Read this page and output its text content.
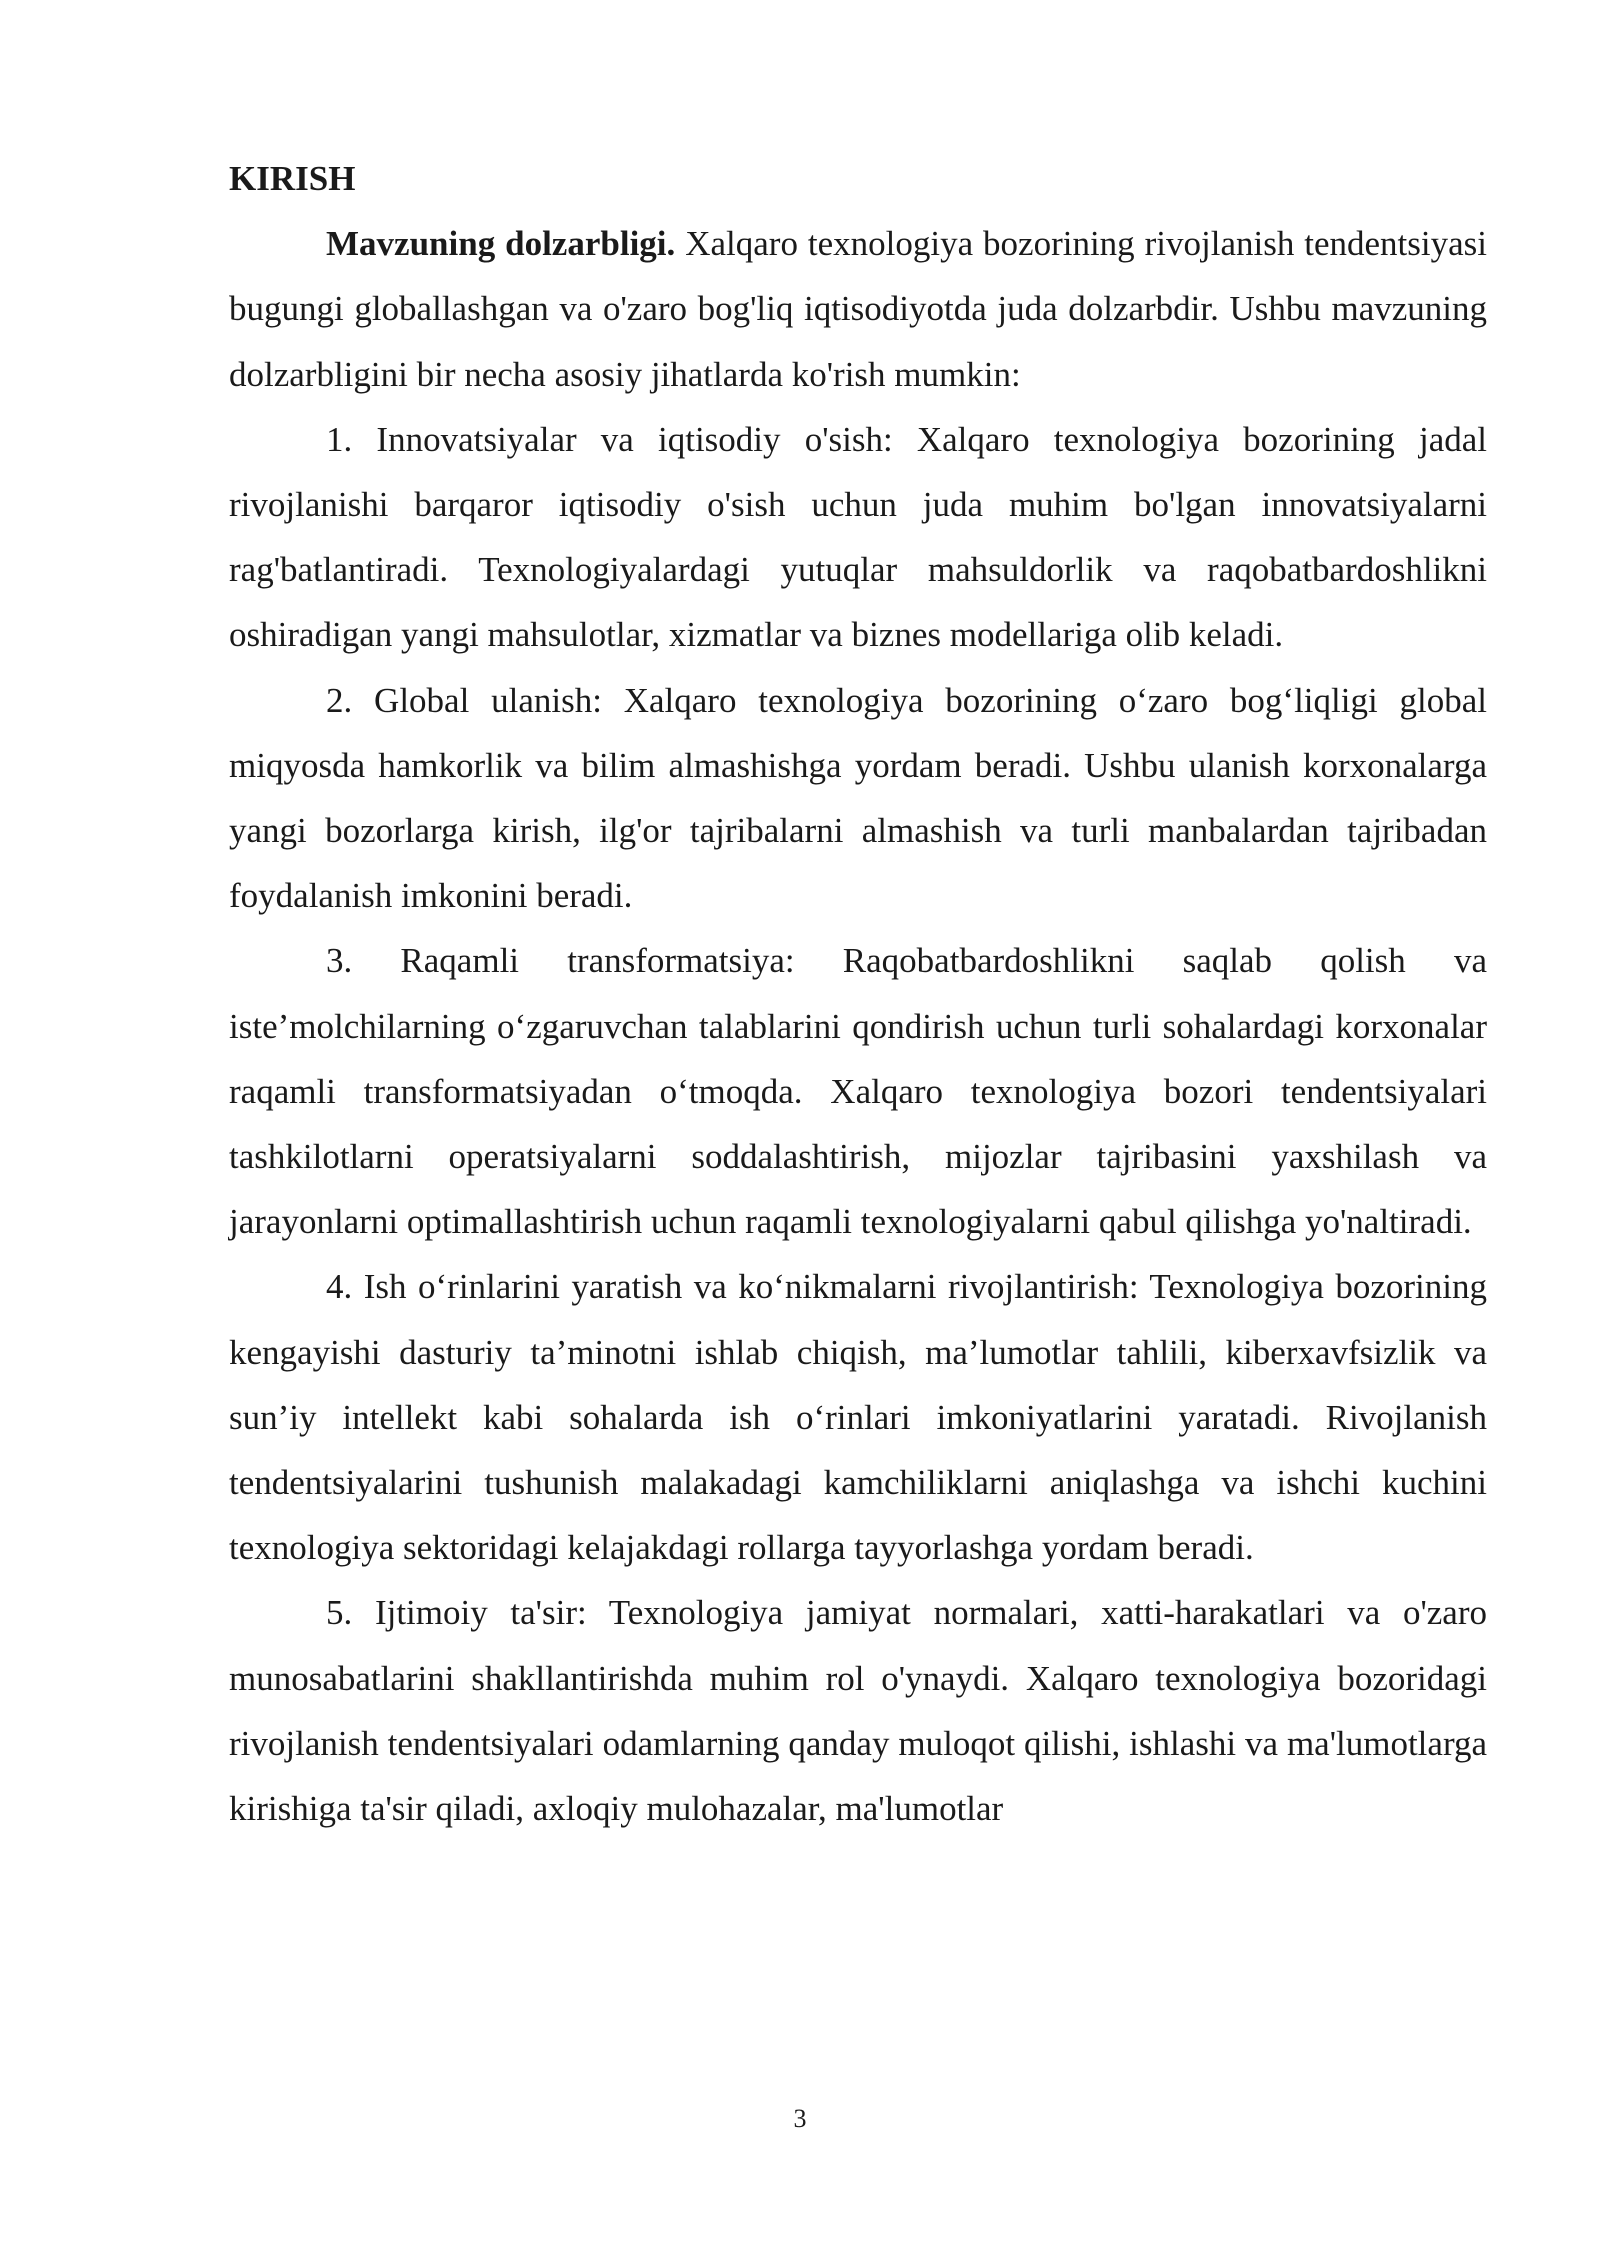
KIRISH

Mavzuning dolzarbligi. Xalqaro texnologiya bozorining rivojlanish tendentsiyasi bugungi globallashgan va o'zaro bog'liq iqtisodiyotda juda dolzarbdir. Ushbu mavzuning dolzarbligini bir necha asosiy jihatlarda ko'rish mumkin:

1. Innovatsiyalar va iqtisodiy o'sish: Xalqaro texnologiya bozorining jadal rivojlanishi barqaror iqtisodiy o'sish uchun juda muhim bo'lgan innovatsiyalarni rag'batlantiradi. Texnologiyalardagi yutuqlar mahsuldorlik va raqobatbardoshlikni oshiradigan yangi mahsulotlar, xizmatlar va biznes modellariga olib keladi.

2. Global ulanish: Xalqaro texnologiya bozorining o‘zaro bog‘liqligi global miqyosda hamkorlik va bilim almashishga yordam beradi. Ushbu ulanish korxonalarga yangi bozorlarga kirish, ilg'or tajribalarni almashish va turli manbalardan tajribadan foydalanish imkonini beradi.

3. Raqamli transformatsiya: Raqobatbardoshlikni saqlab qolish va iste’molchilarning o‘zgaruvchan talablarini qondirish uchun turli sohalardagi korxonalar raqamli transformatsiyadan o‘tmoqda. Xalqaro texnologiya bozori tendentsiyalari tashkilotlarni operatsiyalarni soddalashtirish, mijozlar tajribasini yaxshilash va jarayonlarni optimallashtirish uchun raqamli texnologiyalarni qabul qilishga yo'naltiradi.

4. Ish o‘rinlarini yaratish va ko‘nikmalarni rivojlantirish: Texnologiya bozorining kengayishi dasturiy ta’minotni ishlab chiqish, ma’lumotlar tahlili, kiberxavfsizlik va sun’iy intellekt kabi sohalarda ish o‘rinlari imkoniyatlarini yaratadi. Rivojlanish tendentsiyalarini tushunish malakadagi kamchiliklarni aniqlashga va ishchi kuchini texnologiya sektoridagi kelajakdagi rollarga tayyorlashga yordam beradi.

5. Ijtimoiy ta'sir: Texnologiya jamiyat normalari, xatti-harakatlari va o'zaro munosabatlarini shakllantirishda muhim rol o'ynaydi. Xalqaro texnologiya bozoridagi rivojlanish tendentsiyalari odamlarning qanday muloqot qilishi, ishlashi va ma'lumotlarga kirishiga ta'sir qiladi, axloqiy mulohazalar, ma'lumotlar

3
